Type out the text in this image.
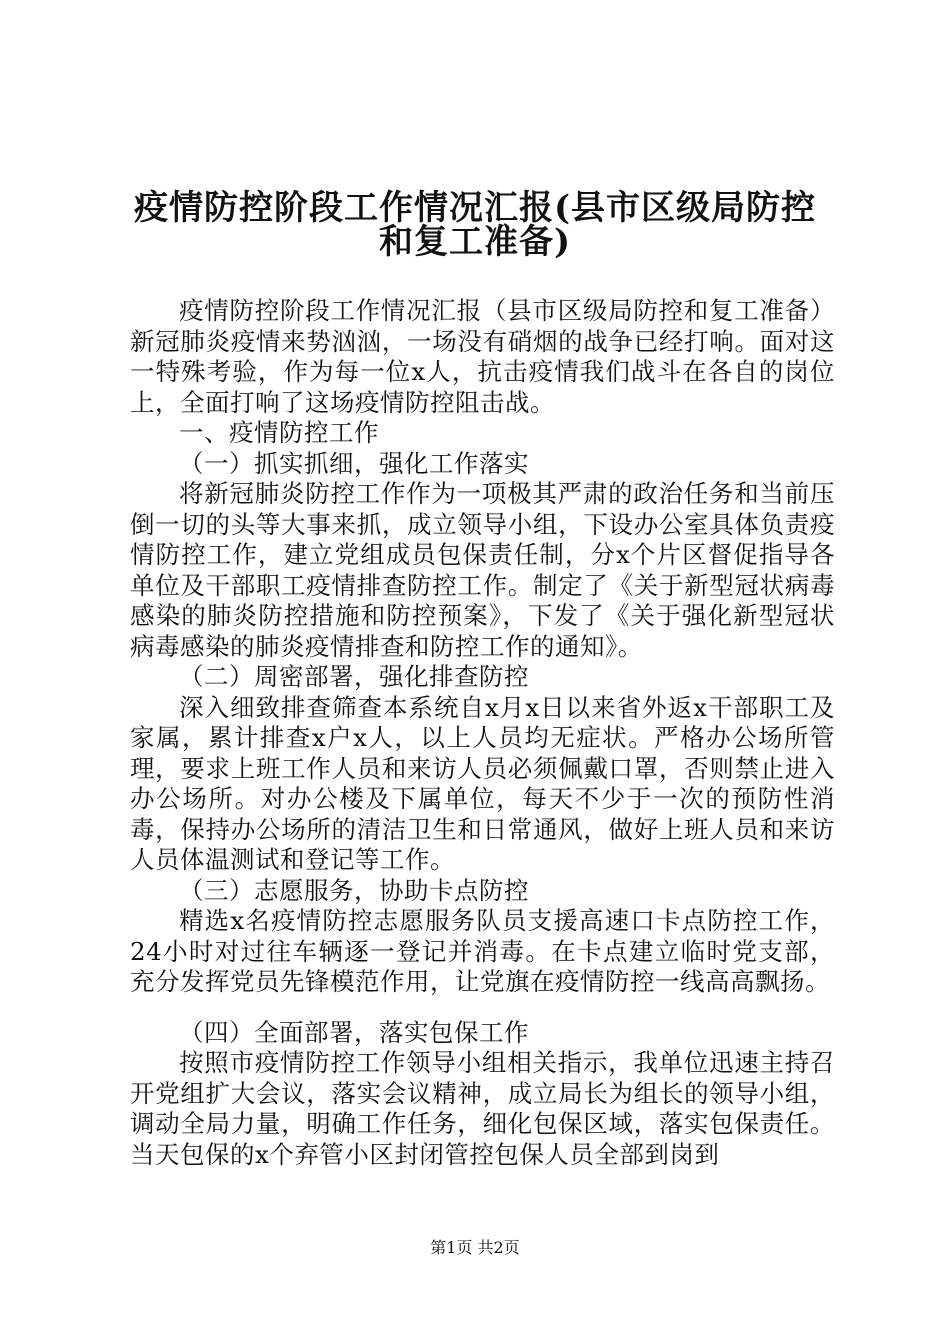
疫情防控阶段工作情况汇报(县市区级局防控
和复工准备)

疫情防控阶段工作情况汇报（县市区级局防控和复工准备）新冠肺炎疫情来势汹汹，一场没有硝烟的战争已经打响。面对这一特殊考验，作为每一位x人，抗击疫情我们战斗在各自的岗位上，全面打响了这场疫情防控阻击战。

一、疫情防控工作

（一）抓实抓细，强化工作落实

将新冠肺炎防控工作作为一项极其严肃的政治任务和当前压倒一切的头等大事来抓，成立领导小组，下设办公室具体负责疫情防控工作，建立党组成员包保责任制，分x个片区督促指导各单位及干部职工疫情排查防控工作。制定了《关于新型冠状病毒感染的肺炎防控措施和防控预案》，下发了《关于强化新型冠状病毒感染的肺炎疫情排查和防控工作的通知》。

（二）周密部署，强化排查防控

深入细致排查筛查本系统自x月x日以来省外返x干部职工及家属，累计排查x户x人，以上人员均无症状。严格办公场所管理，要求上班工作人员和来访人员必须佩戴口罩，否则禁止进入办公场所。对办公楼及下属单位，每天不少于一次的预防性消毒，保持办公场所的清洁卫生和日常通风，做好上班人员和来访人员体温测试和登记等工作。

（三）志愿服务，协助卡点防控

精选x名疫情防控志愿服务队员支援高速口卡点防控工作，24小时对过往车辆逐一登记并消毒。在卡点建立临时党支部，充分发挥党员先锋模范作用，让党旗在疫情防控一线高高飘扬。

（四）全面部署，落实包保工作

按照市疫情防控工作领导小组相关指示，我单位迅速主持召开党组扩大会议，落实会议精神，成立局长为组长的领导小组，调动全局力量，明确工作任务，细化包保区域，落实包保责任。当天包保的x个弃管小区封闭管控包保人员全部到岗到

第1页 共2页
